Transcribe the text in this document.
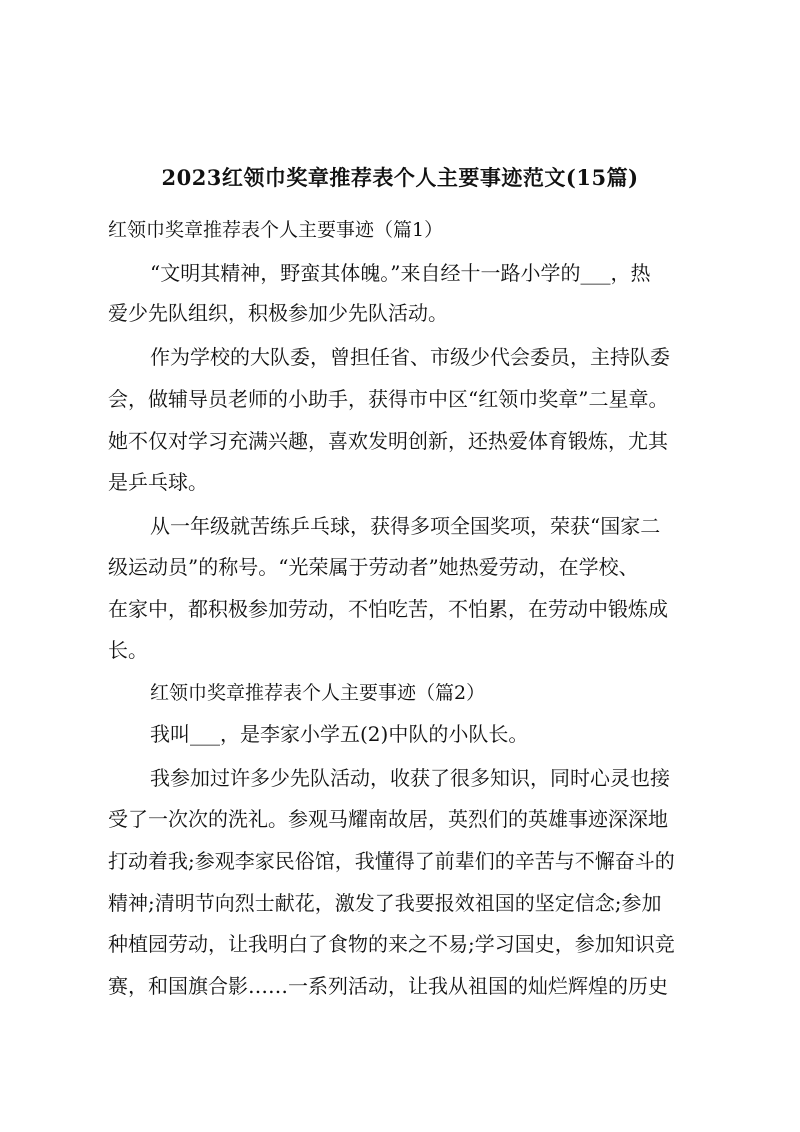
2023红领巾奖章推荐表个人主要事迹范文(15篇)
红领巾奖章推荐表个人主要事迹（篇1）
“文明其精神，野蛮其体魄。”来自经十一路小学的___，热
爱少先队组织，积极参加少先队活动。
作为学校的大队委，曾担任省、市级少代会委员，主持队委
会，做辅导员老师的小助手，获得市中区“红领巾奖章”二星章。
她不仅对学习充满兴趣，喜欢发明创新，还热爱体育锻炼，尤其
是乒乓球。
从一年级就苦练乒乓球，获得多项全国奖项，荣获“国家二
级运动员”的称号。“光荣属于劳动者”她热爱劳动，在学校、
在家中，都积极参加劳动，不怕吃苦，不怕累，在劳动中锻炼成
长。
红领巾奖章推荐表个人主要事迹（篇2）
我叫___，是李家小学五(2)中队的小队长。
我参加过许多少先队活动，收获了很多知识，同时心灵也接
受了一次次的洗礼。参观马耀南故居，英烈们的英雄事迹深深地
打动着我;参观李家民俗馆，我懂得了前辈们的辛苦与不懈奋斗的
精神;清明节向烈士献花，激发了我要报效祖国的坚定信念;参加
种植园劳动，让我明白了食物的来之不易;学习国史，参加知识竞
赛，和国旗合影……一系列活动，让我从祖国的灿烂辉煌的历史
